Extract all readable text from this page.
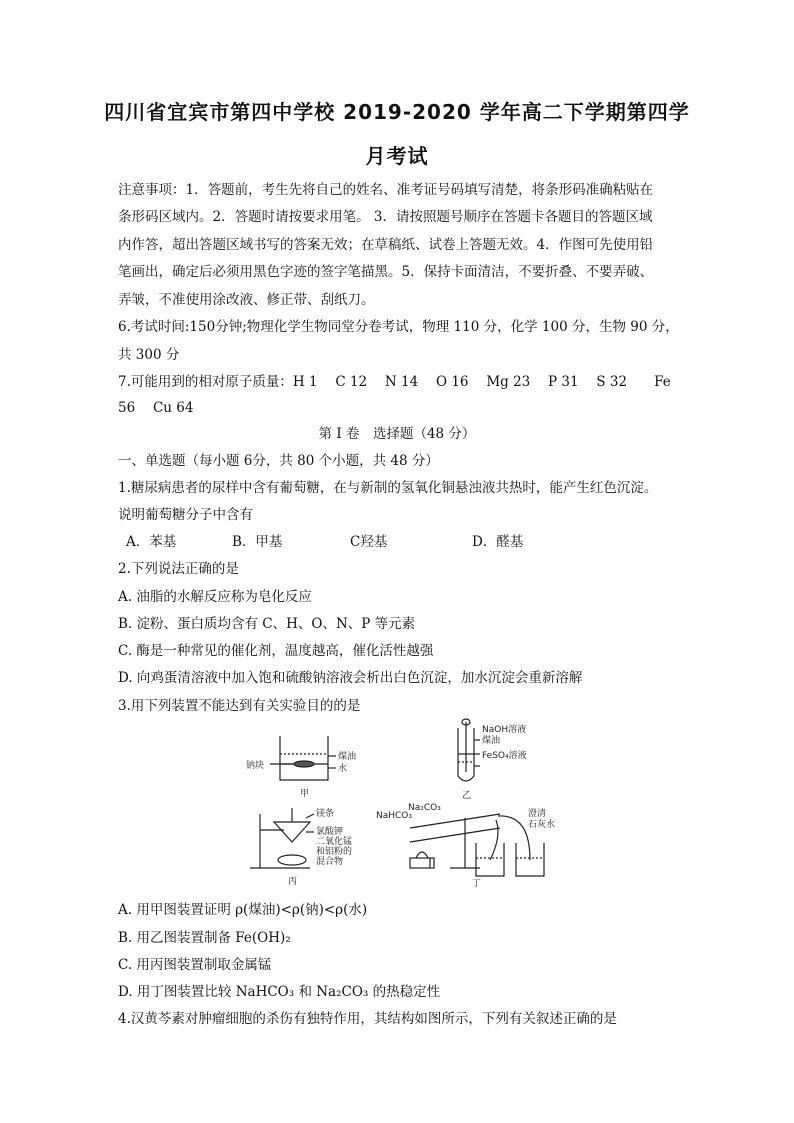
四川省宜宾市第四中学校 2019-2020 学年高二下学期第四学
月考试
注意事项：1．答题前，考生先将自己的姓名、准考证号码填写清楚，将条形码准确粘贴在
条形码区域内。2．答题时请按要求用笔。 3．请按照题号顺序在答题卡各题目的答题区域
内作答，超出答题区域书写的答案无效；在草稿纸、试卷上答题无效。4．作图可先使用铅
笔画出，确定后必须用黑色字迹的签字笔描黑。5．保持卡面清洁，不要折叠、不要弄破、
弄皱，不准使用涂改液、修正带、刮纸刀。
6.考试时间:150分钟;物理化学生物同堂分卷考试，物理 110 分，化学 100 分，生物 90 分，
共 300 分
7.可能用到的相对原子质量：H 1　 C 12　 N 14　 O 16　 Mg 23　 P 31　 S 32　　Fe
56　 Cu 64
第 I 卷　选择题（48 分）
一、单选题（每小题 6分，共 80 个小题，共 48 分）
1.糖尿病患者的尿样中含有葡萄糖，在与新制的氢氧化铜悬浊液共热时，能产生红色沉淀。
说明葡萄糖分子中含有
A．苯基	B．甲基	C羟基	D．醛基
2.下列说法正确的是
A. 油脂的水解反应称为皂化反应
B. 淀粉、蛋白质均含有 C、H、O、N、P 等元素
C. 酶是一种常见的催化剂，温度越高，催化活性越强
D. 向鸡蛋清溶液中加入饱和硫酸钠溶液会析出白色沉淀，加水沉淀会重新溶解
3.用下列装置不能达到有关实验目的的是
钠块
煤油
水
甲
NaOH溶液
煤油
FeSO₄溶液
乙
镁条
氯酸钾
二氧化锰
和铝粉的
混合物
丙
NaHCO₃
Na₂CO₃
澄清
石灰水
丁
A. 用甲图装置证明 ρ(煤油)<ρ(钠)<ρ(水)
B. 用乙图装置制备 Fe(OH)₂
C. 用丙图装置制取金属锰
D. 用丁图装置比较 NaHCO₃ 和 Na₂CO₃ 的热稳定性
4.汉黄芩素对肿瘤细胞的杀伤有独特作用，其结构如图所示，下列有关叙述正确的是
